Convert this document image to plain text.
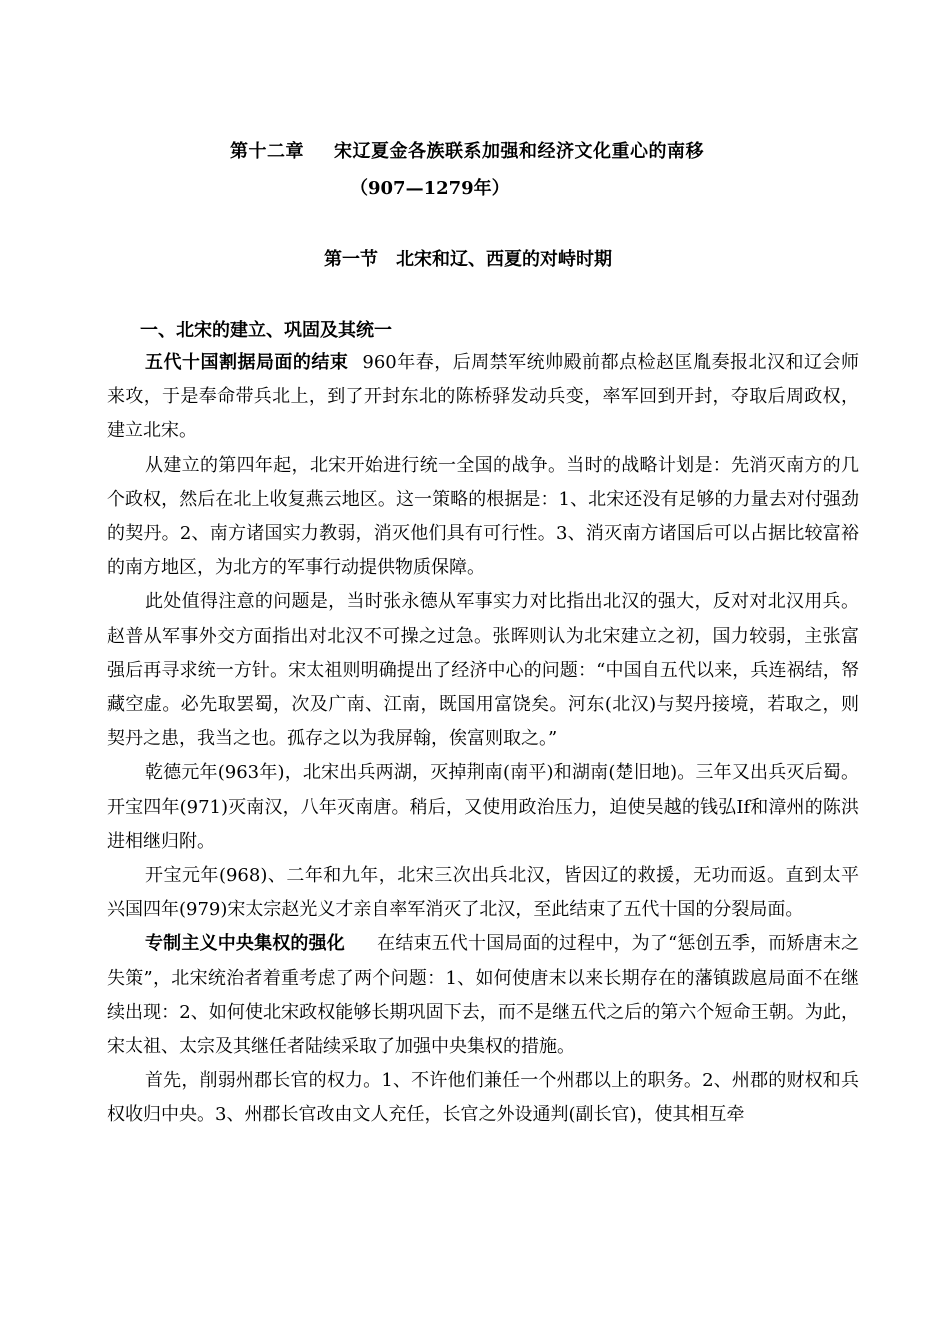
第十二章 宋辽夏金各族联系加强和经济文化重心的南移
（907—1279年）
第一节 北宋和辽、西夏的对峙时期
一、北宋的建立、巩固及其统一

五代十国割据局面的结束 960年春，后周禁军统帅殿前都点检赵匡胤奏报北汉和辽会师来攻，于是奉命带兵北上，到了开封东北的陈桥驿发动兵变，率军回到开封，夺取后周政权，建立北宋。

从建立的第四年起，北宋开始进行统一全国的战争。当时的战略计划是：先消灭南方的几个政权，然后在北上收复燕云地区。这一策略的根据是：1、北宋还没有足够的力量去对付强劲的契丹。2、南方诸国实力教弱，消灭他们具有可行性。3、消灭南方诸国后可以占据比较富裕的南方地区，为北方的军事行动提供物质保障。

此处值得注意的问题是，当时张永德从军事实力对比指出北汉的强大，反对对北汉用兵。赵普从军事外交方面指出对北汉不可操之过急。张晖则认为北宋建立之初，国力较弱，主张富强后再寻求统一方针。宋太祖则明确提出了经济中心的问题：“中国自五代以来，兵连祸结，帑藏空虚。必先取罢蜀，次及广南、江南，既国用富饶矣。河东(北汉)与契丹接境，若取之，则契丹之患，我当之也。孤存之以为我屏翰，俟富则取之。”

乾德元年(963年)，北宋出兵两湖，灭掉荆南(南平)和湖南(楚旧地)。三年又出兵灭后蜀。开宝四年(971)灭南汉，八年灭南唐。稍后，又使用政治压力，迫使吴越的钱弘If和漳州的陈洪进相继归附。

开宝元年(968)、二年和九年，北宋三次出兵北汉，皆因辽的救援，无功而返。直到太平兴国四年(979)宋太宗赵光义才亲自率军消灭了北汉，至此结束了五代十国的分裂局面。

专制主义中央集权的强化 在结束五代十国局面的过程中，为了“惩创五季，而矫唐末之失策”，北宋统治者着重考虑了两个问题：1、如何使唐末以来长期存在的藩镇跋扈局面不在继续出现：2、如何使北宋政权能够长期巩固下去，而不是继五代之后的第六个短命王朝。为此，宋太祖、太宗及其继任者陆续采取了加强中央集权的措施。

首先，削弱州郡长官的权力。1、不许他们兼任一个州郡以上的职务。2、州郡的财权和兵权收归中央。3、州郡长官改由文人充任，长官之外设通判(副长官)，使其相互牵
